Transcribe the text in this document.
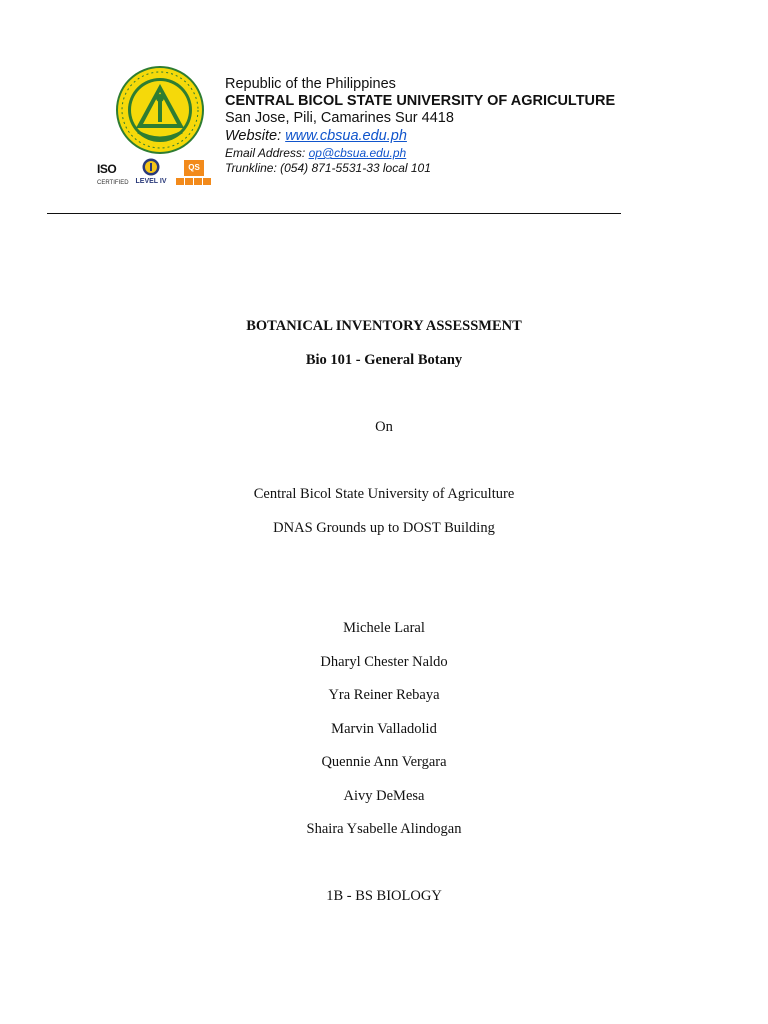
ISO
CERTIFIED LEVEL IV
QS
Republic of the Philippines
CENTRAL BICOL STATE UNIVERSITY OF AGRICULTURE
San Jose, Pili, Camarines Sur 4418
Website: www.cbsua.edu.ph
Email Address: op@cbsua.edu.ph
Trunkline: (054) 871-5531-33 local 101
BOTANICAL INVENTORY ASSESSMENT
Bio 101 - General Botany
On
Central Bicol State University of Agriculture
DNAS Grounds up to DOST Building
Michele Laral
Dharyl Chester Naldo
Yra Reiner Rebaya
Marvin Valladolid
Quennie Ann Vergara
Aivy DeMesa
Shaira Ysabelle Alindogan
1B - BS BIOLOGY
